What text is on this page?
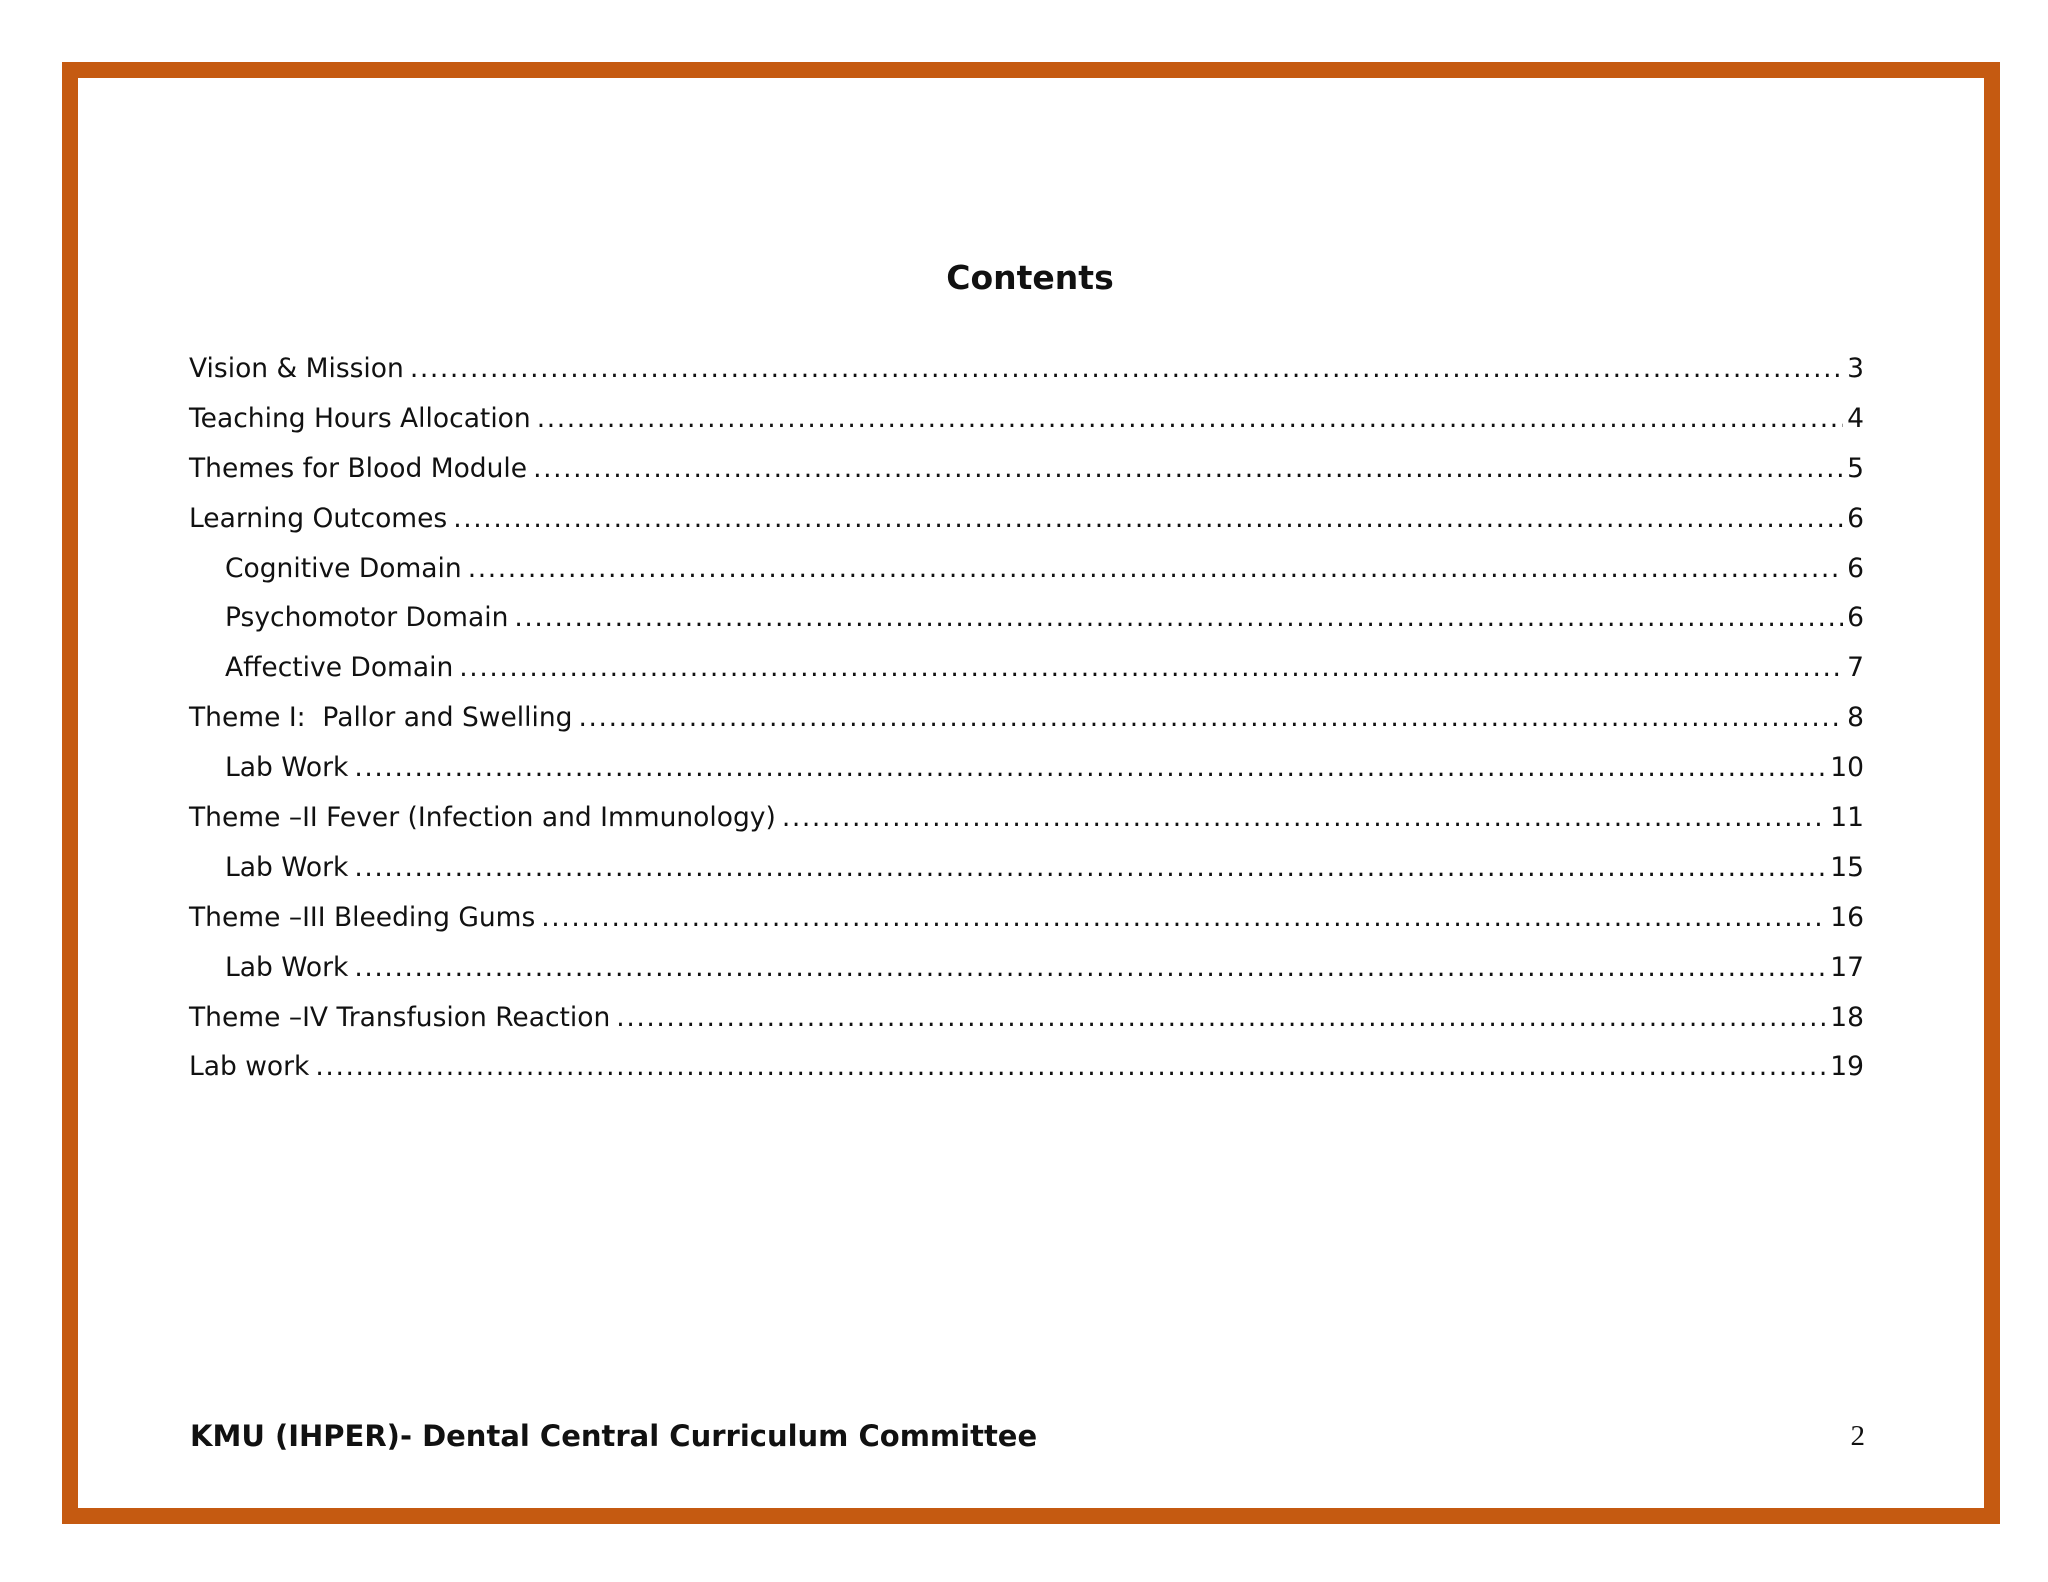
Contents
Vision & Mission .....	3
Teaching Hours Allocation .....	4
Themes for Blood Module .....	5
Learning Outcomes .....	6
Cognitive Domain .....	6
Psychomotor Domain .....	6
Affective Domain .....	7
Theme I:  Pallor and Swelling .....	8
Lab Work .....	10
Theme –II Fever (Infection and Immunology) .....	11
Lab Work .....	15
Theme –III Bleeding Gums .....	16
Lab Work .....	17
Theme –IV Transfusion Reaction .....	18
Lab work .....	19
KMU (IHPER)- Dental Central Curriculum Committee	2
